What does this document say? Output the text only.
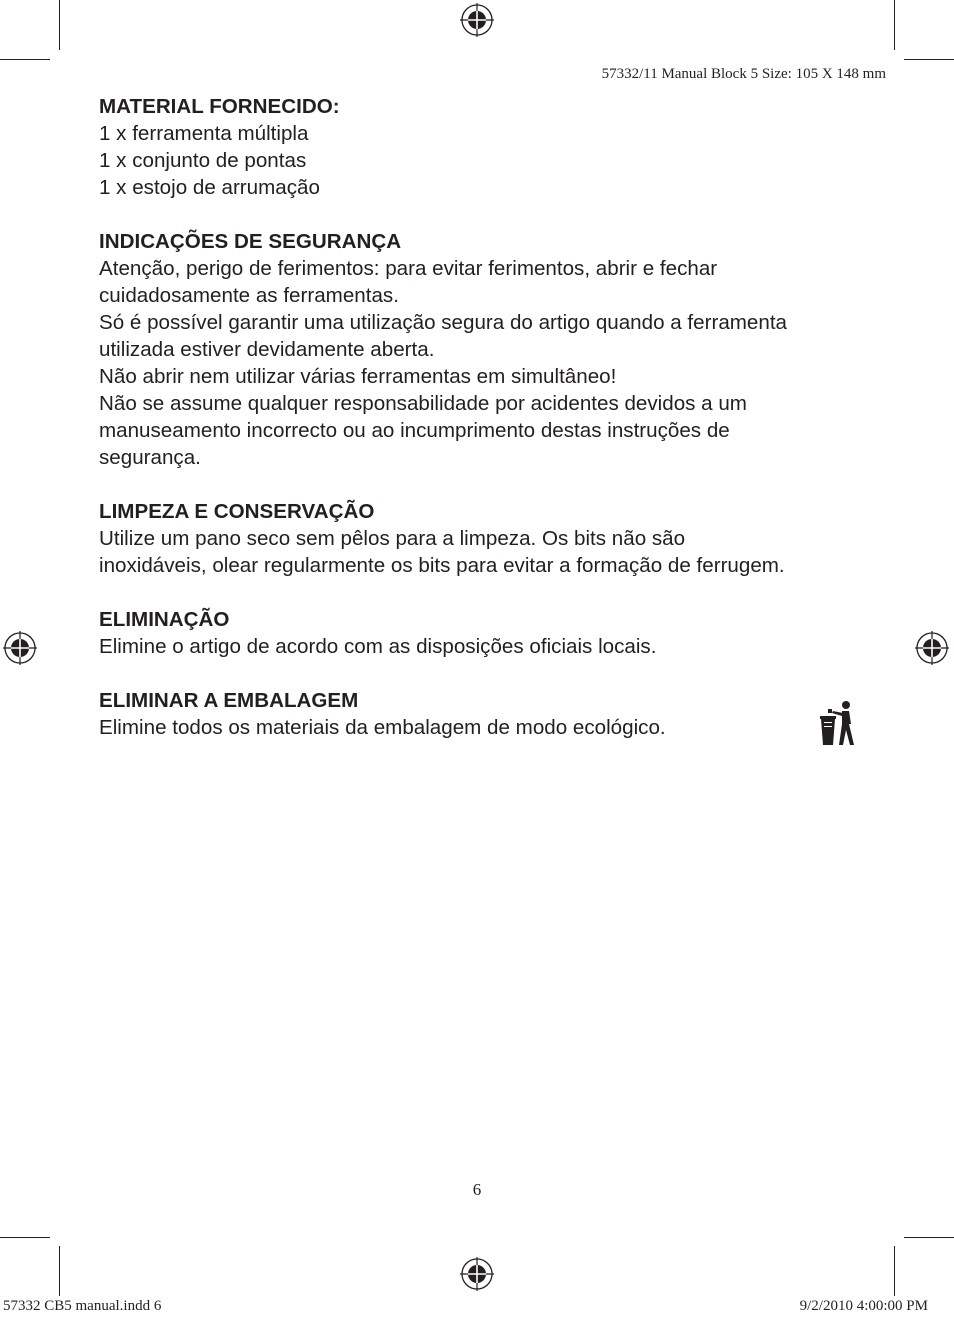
57332/11 Manual Block 5 Size: 105 X 148 mm
MATERIAL FORNECIDO:

1 x ferramenta múltipla

1 x conjunto de pontas

1 x estojo de arrumação

INDICAÇÕES DE SEGURANÇA

Atenção, perigo de ferimentos: para evitar ferimentos, abrir e fechar

cuidadosamente as ferramentas.

Só é possível garantir uma utilização segura do artigo quando a ferramenta

utilizada estiver devidamente aberta.

Não abrir nem utilizar várias ferramentas em simultâneo!

Não se assume qualquer responsabilidade por acidentes devidos a um

manuseamento incorrecto ou ao incumprimento destas instruções de

segurança.

LIMPEZA E CONSERVAÇÃO

Utilize um pano seco sem pêlos para a limpeza. Os bits não são

inoxidáveis, olear regularmente os bits para evitar a formação de ferrugem.

ELIMINAÇÃO

Elimine o artigo de acordo com as disposições oficiais locais.

ELIMINAR A EMBALAGEM

Elimine todos os materiais da embalagem de modo ecológico.

6
57332 CB5 manual.indd 6	9/2/2010 4:00:00 PM
